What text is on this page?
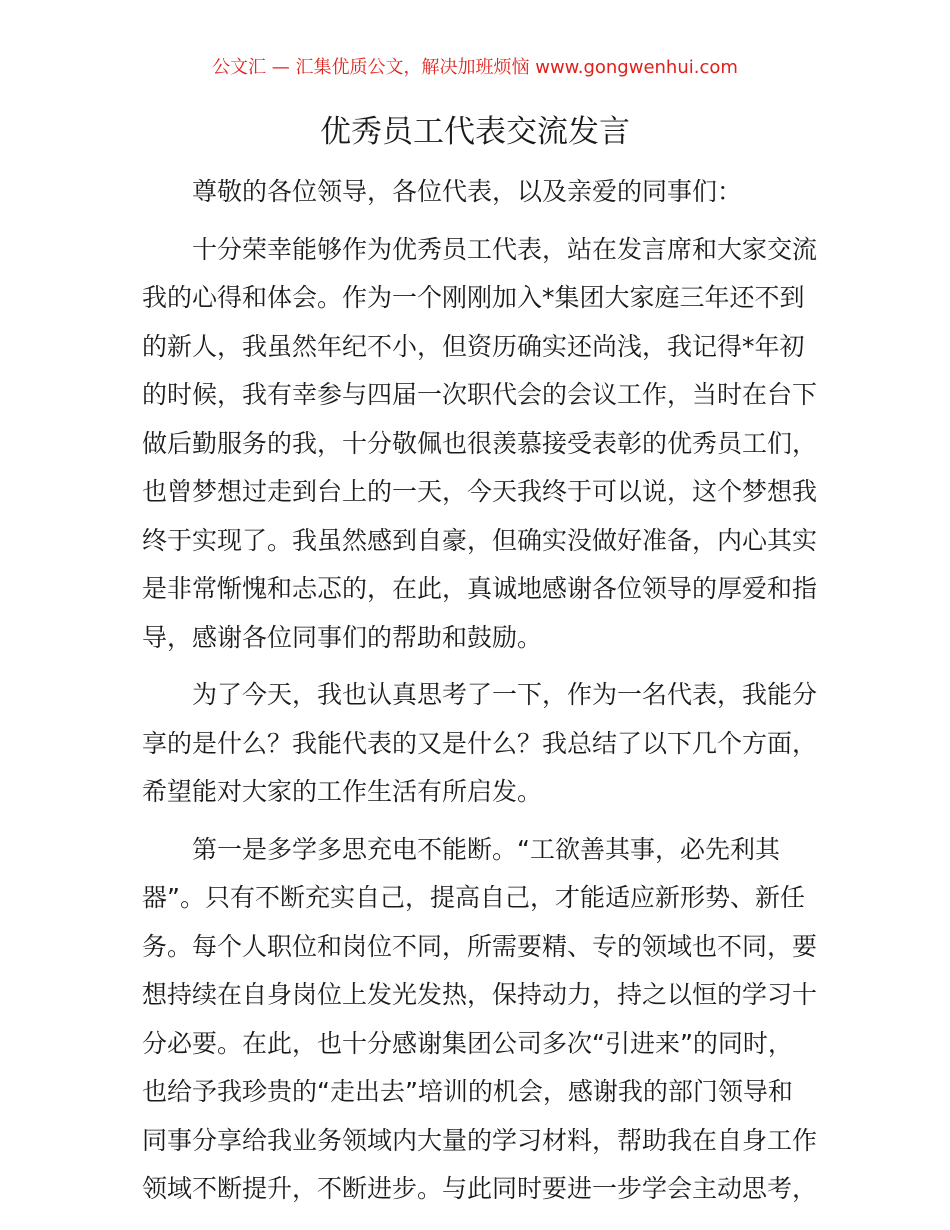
公文汇 — 汇集优质公文，解决加班烦恼 www.gongwenhui.com
优秀员工代表交流发言
尊敬的各位领导，各位代表，以及亲爱的同事们：
十分荣幸能够作为优秀员工代表，站在发言席和大家交流
我的心得和体会。作为一个刚刚加入*集团大家庭三年还不到
的新人，我虽然年纪不小，但资历确实还尚浅，我记得*年初
的时候，我有幸参与四届一次职代会的会议工作，当时在台下
做后勤服务的我，十分敬佩也很羡慕接受表彰的优秀员工们，
也曾梦想过走到台上的一天，今天我终于可以说，这个梦想我
终于实现了。我虽然感到自豪，但确实没做好准备，内心其实
是非常惭愧和忐忑的，在此，真诚地感谢各位领导的厚爱和指
导，感谢各位同事们的帮助和鼓励。
为了今天，我也认真思考了一下，作为一名代表，我能分
享的是什么？我能代表的又是什么？我总结了以下几个方面，
希望能对大家的工作生活有所启发。
第一是多学多思充电不能断。“工欲善其事，必先利其
器”。只有不断充实自己，提高自己，才能适应新形势、新任
务。每个人职位和岗位不同，所需要精、专的领域也不同，要
想持续在自身岗位上发光发热，保持动力，持之以恒的学习十
分必要。在此，也十分感谢集团公司多次“引进来”的同时，
也给予我珍贵的“走出去”培训的机会，感谢我的部门领导和
同事分享给我业务领域内大量的学习材料，帮助我在自身工作
领域不断提升，不断进步。与此同时要进一步学会主动思考，
